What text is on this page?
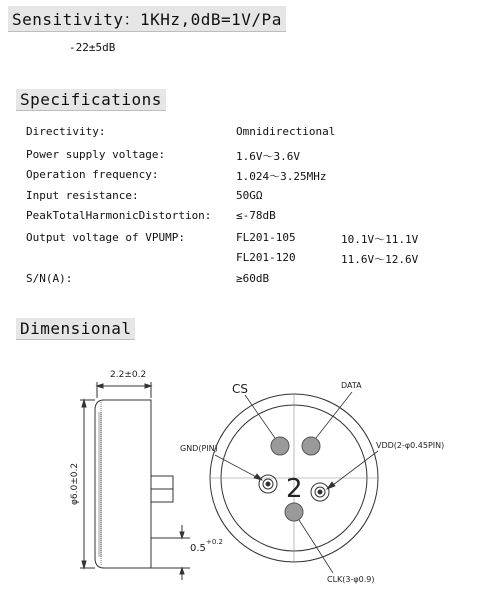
Sensitivity：1KHz,0dB=1V/Pa
-22±5dB
Specifications
Directivity:	Omnidirectional
Power supply voltage:	1.6V～3.6V
Operation frequency:	1.024～3.25MHz
Input resistance:	50GΩ
PeakTotalHarmonicDistortion: ≤-78dB
Output voltage of VPUMP:	FL201-105	10.1V～11.1V
FL201-120	11.6V～12.6V
S/N(A):	≥60dB
Dimensional
2.2±0.2
φ6.0±0.2
0.5
+0.2
2
CS	DATA
GND(PIN)	VDD(2-φ0.45PIN)
CLK(3-φ0.9)
